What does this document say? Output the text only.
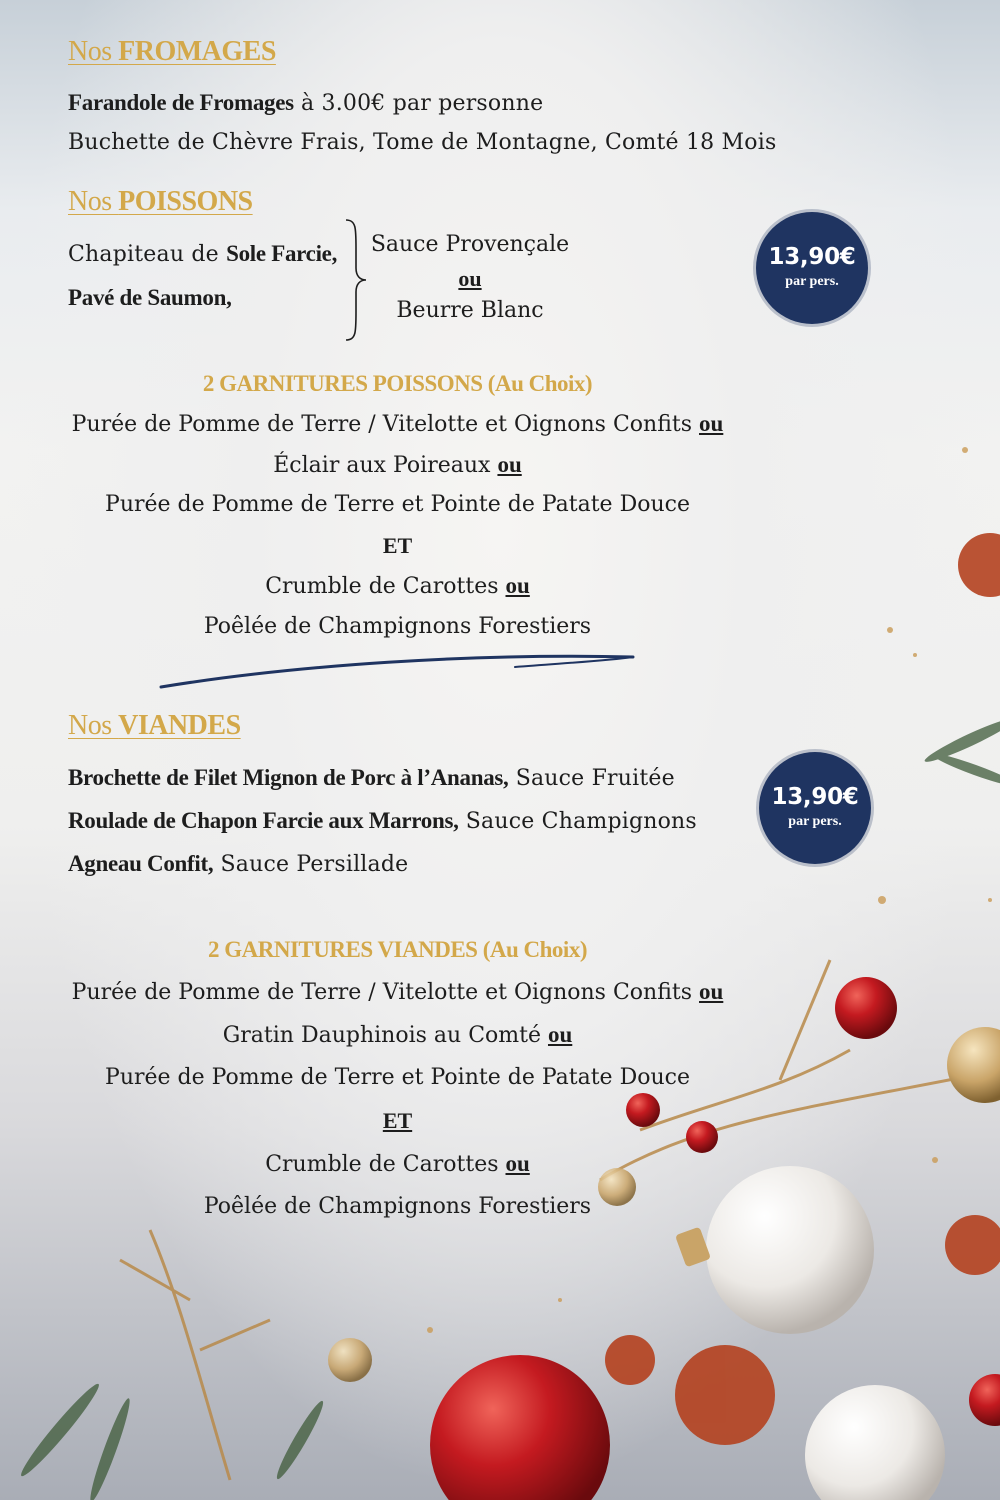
Nos FROMAGES
Farandole de Fromages à 3.00€ par personne
Buchette de Chèvre Frais, Tome de Montagne, Comté 18 Mois
Nos POISSONS
Chapiteau de Sole Farcie,
Pavé de Saumon,
Sauce Provençale
ou
Beurre Blanc
13,90€
par pers.
2 GARNITURES POISSONS (Au Choix)
Purée de Pomme de Terre / Vitelotte et Oignons Confits ou
Éclair aux Poireaux ou
Purée de Pomme de Terre et Pointe de Patate Douce
ET
Crumble de Carottes ou
Poêlée de Champignons Forestiers
Nos VIANDES
Brochette de Filet Mignon de Porc à l’Ananas, Sauce Fruitée
Roulade de Chapon Farcie aux Marrons, Sauce Champignons
Agneau Confit, Sauce Persillade
13,90€
par pers.
2 GARNITURES VIANDES (Au Choix)
Purée de Pomme de Terre / Vitelotte et Oignons Confits ou
Gratin Dauphinois au Comté ou
Purée de Pomme de Terre et Pointe de Patate Douce
ET
Crumble de Carottes ou
Poêlée de Champignons Forestiers
